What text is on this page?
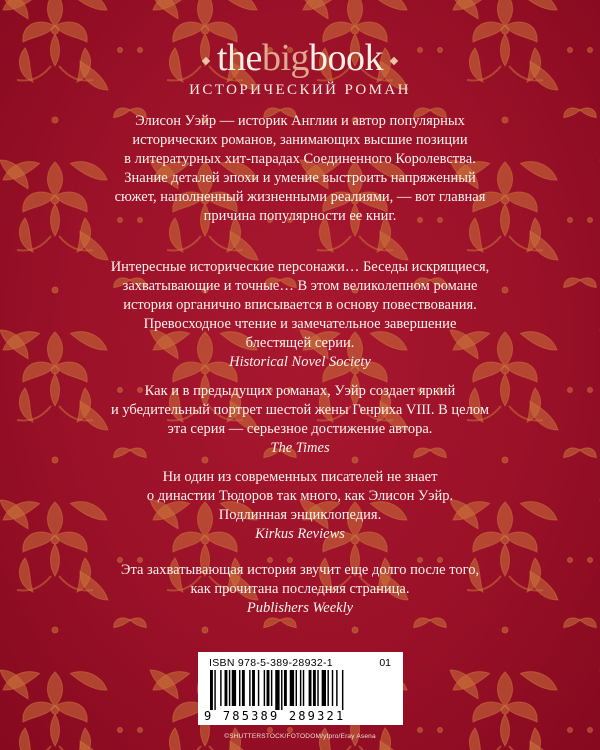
thebigbook
ИСТОРИЧЕСКИЙ РОМАН

Элисон Уэйр — историк Англии и автор популярных

исторических романов, занимающих высшие позиции

в литературных хит-парадах Соединенного Королевства.

Знание деталей эпохи и умение выстроить напряженный

сюжет, наполненный жизненными реалиями, — вот главная

причина популярности ее книг.

Интересные исторические персонажи… Беседы искрящиеся,

захватывающие и точные… В этом великолепном романе

история органично вписывается в основу повествования.

Превосходное чтение и замечательное завершение

блестящей серии.

Historical Novel Society

Как и в предыдущих романах, Уэйр создает яркий

и убедительный портрет шестой жены Генриха VIII. В целом

эта серия — серьезное достижение автора.

The Times

Ни один из современных писателей не знает

о династии Тюдоров так много, как Элисон Уэйр.

Подлинная энциклопедия.

Kirkus Reviews

Эта захватывающая история звучит еще долго после того,

как прочитана последняя страница.

Publishers Weekly

ISBN 978-5-389-28932-1	01
9 785389 289321
©SHUTTERSTOCK/FOTODOM/yfpro/Eray Asena
